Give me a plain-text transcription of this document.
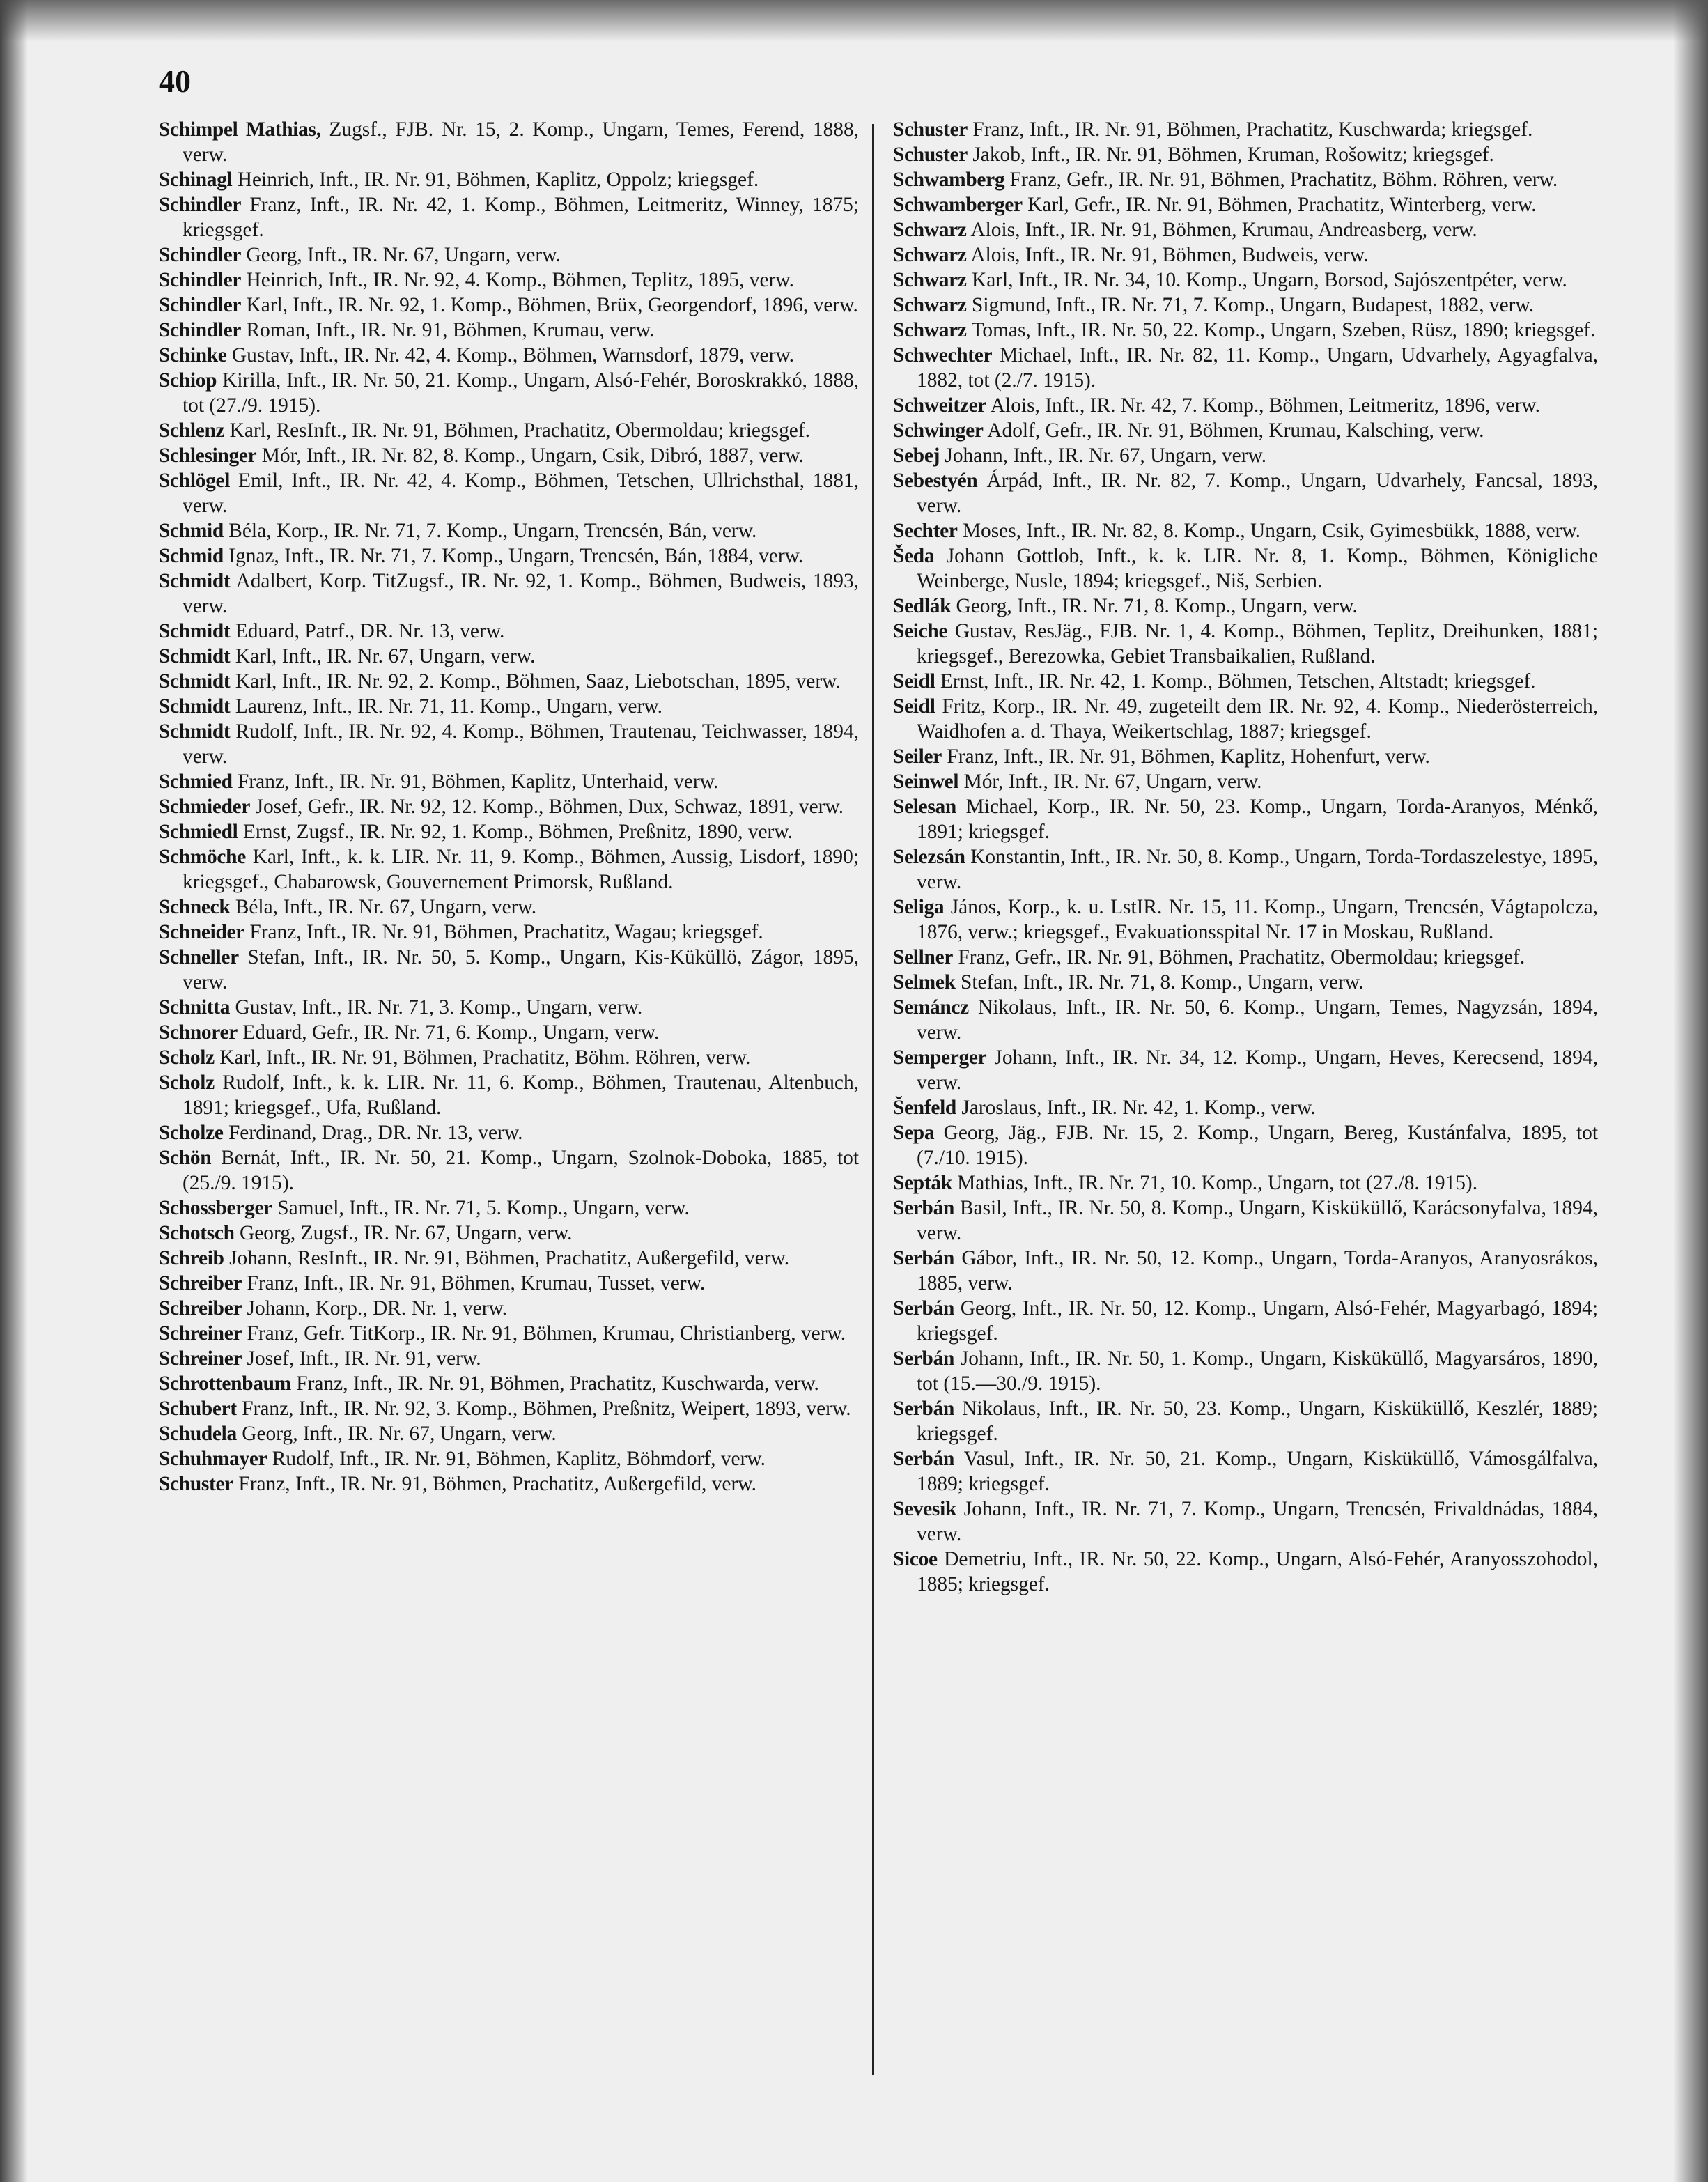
40
Schimpel Mathias, Zugsf., FJB. Nr. 15, 2. Komp., Ungarn, Temes, Ferend, 1888, verw.
Schinagl Heinrich, Inft., IR. Nr. 91, Böhmen, Kaplitz, Oppolz; kriegsgef.
Schindler Franz, Inft., IR. Nr. 42, 1. Komp., Böhmen, Leitmeritz, Winney, 1875; kriegsgef.
Schindler Georg, Inft., IR. Nr. 67, Ungarn, verw.
Schindler Heinrich, Inft., IR. Nr. 92, 4. Komp., Böhmen, Teplitz, 1895, verw.
Schindler Karl, Inft., IR. Nr. 92, 1. Komp., Böhmen, Brüx, Georgendorf, 1896, verw.
Schindler Roman, Inft., IR. Nr. 91, Böhmen, Krumau, verw.
Schinke Gustav, Inft., IR. Nr. 42, 4. Komp., Böhmen, Warnsdorf, 1879, verw.
Schiop Kirilla, Inft., IR. Nr. 50, 21. Komp., Ungarn, Alsó-Fehér, Boroskrakkó, 1888, tot (27./9. 1915).
Schlenz Karl, ResInft., IR. Nr. 91, Böhmen, Prachatitz, Obermoldau; kriegsgef.
Schlesinger Mór, Inft., IR. Nr. 82, 8. Komp., Ungarn, Csik, Dibró, 1887, verw.
Schlögel Emil, Inft., IR. Nr. 42, 4. Komp., Böhmen, Tetschen, Ullrichsthal, 1881, verw.
Schmid Béla, Korp., IR. Nr. 71, 7. Komp., Ungarn, Trencsén, Bán, verw.
Schmid Ignaz, Inft., IR. Nr. 71, 7. Komp., Ungarn, Trencsén, Bán, 1884, verw.
Schmidt Adalbert, Korp. TitZugsf., IR. Nr. 92, 1. Komp., Böhmen, Budweis, 1893, verw.
Schmidt Eduard, Patrf., DR. Nr. 13, verw.
Schmidt Karl, Inft., IR. Nr. 67, Ungarn, verw.
Schmidt Karl, Inft., IR. Nr. 92, 2. Komp., Böhmen, Saaz, Liebotschan, 1895, verw.
Schmidt Laurenz, Inft., IR. Nr. 71, 11. Komp., Ungarn, verw.
Schmidt Rudolf, Inft., IR. Nr. 92, 4. Komp., Böhmen, Trautenau, Teichwasser, 1894, verw.
Schmied Franz, Inft., IR. Nr. 91, Böhmen, Kaplitz, Unterhaid, verw.
Schmieder Josef, Gefr., IR. Nr. 92, 12. Komp., Böhmen, Dux, Schwaz, 1891, verw.
Schmiedl Ernst, Zugsf., IR. Nr. 92, 1. Komp., Böhmen, Preßnitz, 1890, verw.
Schmöche Karl, Inft., k. k. LIR. Nr. 11, 9. Komp., Böhmen, Aussig, Lisdorf, 1890; kriegsgef., Chabarowsk, Gouvernement Primorsk, Rußland.
Schneck Béla, Inft., IR. Nr. 67, Ungarn, verw.
Schneider Franz, Inft., IR. Nr. 91, Böhmen, Prachatitz, Wagau; kriegsgef.
Schneller Stefan, Inft., IR. Nr. 50, 5. Komp., Ungarn, Kis-Küküllö, Zágor, 1895, verw.
Schnitta Gustav, Inft., IR. Nr. 71, 3. Komp., Ungarn, verw.
Schnorer Eduard, Gefr., IR. Nr. 71, 6. Komp., Ungarn, verw.
Scholz Karl, Inft., IR. Nr. 91, Böhmen, Prachatitz, Böhm. Röhren, verw.
Scholz Rudolf, Inft., k. k. LIR. Nr. 11, 6. Komp., Böhmen, Trautenau, Altenbuch, 1891; kriegsgef., Ufa, Rußland.
Scholze Ferdinand, Drag., DR. Nr. 13, verw.
Schön Bernát, Inft., IR. Nr. 50, 21. Komp., Ungarn, Szolnok-Doboka, 1885, tot (25./9. 1915).
Schossberger Samuel, Inft., IR. Nr. 71, 5. Komp., Ungarn, verw.
Schotsch Georg, Zugsf., IR. Nr. 67, Ungarn, verw.
Schreib Johann, ResInft., IR. Nr. 91, Böhmen, Prachatitz, Außergefild, verw.
Schreiber Franz, Inft., IR. Nr. 91, Böhmen, Krumau, Tusset, verw.
Schreiber Johann, Korp., DR. Nr. 1, verw.
Schreiner Franz, Gefr. TitKorp., IR. Nr. 91, Böhmen, Krumau, Christianberg, verw.
Schreiner Josef, Inft., IR. Nr. 91, verw.
Schrottenbaum Franz, Inft., IR. Nr. 91, Böhmen, Prachatitz, Kuschwarda, verw.
Schubert Franz, Inft., IR. Nr. 92, 3. Komp., Böhmen, Preßnitz, Weipert, 1893, verw.
Schudela Georg, Inft., IR. Nr. 67, Ungarn, verw.
Schuhmayer Rudolf, Inft., IR. Nr. 91, Böhmen, Kaplitz, Böhmdorf, verw.
Schuster Franz, Inft., IR. Nr. 91, Böhmen, Prachatitz, Außergefild, verw.
Schuster Franz, Inft., IR. Nr. 91, Böhmen, Prachatitz, Kuschwarda; kriegsgef.
Schuster Jakob, Inft., IR. Nr. 91, Böhmen, Kruman, Rošowitz; kriegsgef.
Schwamberg Franz, Gefr., IR. Nr. 91, Böhmen, Prachatitz, Böhm. Röhren, verw.
Schwamberger Karl, Gefr., IR. Nr. 91, Böhmen, Prachatitz, Winterberg, verw.
Schwarz Alois, Inft., IR. Nr. 91, Böhmen, Krumau, Andreasberg, verw.
Schwarz Alois, Inft., IR. Nr. 91, Böhmen, Budweis, verw.
Schwarz Karl, Inft., IR. Nr. 34, 10. Komp., Ungarn, Borsod, Sajószentpéter, verw.
Schwarz Sigmund, Inft., IR. Nr. 71, 7. Komp., Ungarn, Budapest, 1882, verw.
Schwarz Tomas, Inft., IR. Nr. 50, 22. Komp., Ungarn, Szeben, Rüsz, 1890; kriegsgef.
Schwechter Michael, Inft., IR. Nr. 82, 11. Komp., Ungarn, Udvarhely, Agyagfalva, 1882, tot (2./7. 1915).
Schweitzer Alois, Inft., IR. Nr. 42, 7. Komp., Böhmen, Leitmeritz, 1896, verw.
Schwinger Adolf, Gefr., IR. Nr. 91, Böhmen, Krumau, Kalsching, verw.
Sebej Johann, Inft., IR. Nr. 67, Ungarn, verw.
Sebestyén Árpád, Inft., IR. Nr. 82, 7. Komp., Ungarn, Udvarhely, Fancsal, 1893, verw.
Sechter Moses, Inft., IR. Nr. 82, 8. Komp., Ungarn, Csik, Gyimesbükk, 1888, verw.
Šeda Johann Gottlob, Inft., k. k. LIR. Nr. 8, 1. Komp., Böhmen, Königliche Weinberge, Nusle, 1894; kriegsgef., Niš, Serbien.
Sedlák Georg, Inft., IR. Nr. 71, 8. Komp., Ungarn, verw.
Seiche Gustav, ResJäg., FJB. Nr. 1, 4. Komp., Böhmen, Teplitz, Dreihunken, 1881; kriegsgef., Berezowka, Gebiet Transbaikalien, Rußland.
Seidl Ernst, Inft., IR. Nr. 42, 1. Komp., Böhmen, Tetschen, Altstadt; kriegsgef.
Seidl Fritz, Korp., IR. Nr. 49, zugeteilt dem IR. Nr. 92, 4. Komp., Niederösterreich, Waidhofen a. d. Thaya, Weikertschlag, 1887; kriegsgef.
Seiler Franz, Inft., IR. Nr. 91, Böhmen, Kaplitz, Hohenfurt, verw.
Seinwel Mór, Inft., IR. Nr. 67, Ungarn, verw.
Selesan Michael, Korp., IR. Nr. 50, 23. Komp., Ungarn, Torda-Aranyos, Ménkő, 1891; kriegsgef.
Selezsán Konstantin, Inft., IR. Nr. 50, 8. Komp., Ungarn, Torda-Tordaszelestye, 1895, verw.
Seliga János, Korp., k. u. LstIR. Nr. 15, 11. Komp., Ungarn, Trencsén, Vágtapolcza, 1876, verw.; kriegsgef., Evakuationsspital Nr. 17 in Moskau, Rußland.
Sellner Franz, Gefr., IR. Nr. 91, Böhmen, Prachatitz, Obermoldau; kriegsgef.
Selmek Stefan, Inft., IR. Nr. 71, 8. Komp., Ungarn, verw.
Semáncz Nikolaus, Inft., IR. Nr. 50, 6. Komp., Ungarn, Temes, Nagyzsán, 1894, verw.
Semperger Johann, Inft., IR. Nr. 34, 12. Komp., Ungarn, Heves, Kerecsend, 1894, verw.
Šenfeld Jaroslaus, Inft., IR. Nr. 42, 1. Komp., verw.
Sepa Georg, Jäg., FJB. Nr. 15, 2. Komp., Ungarn, Bereg, Kustánfalva, 1895, tot (7./10. 1915).
Septák Mathias, Inft., IR. Nr. 71, 10. Komp., Ungarn, tot (27./8. 1915).
Serbán Basil, Inft., IR. Nr. 50, 8. Komp., Ungarn, Kisküküllő, Karácsonyfalva, 1894, verw.
Serbán Gábor, Inft., IR. Nr. 50, 12. Komp., Ungarn, Torda-Aranyos, Aranyosrákos, 1885, verw.
Serbán Georg, Inft., IR. Nr. 50, 12. Komp., Ungarn, Alsó-Fehér, Magyarbagó, 1894; kriegsgef.
Serbán Johann, Inft., IR. Nr. 50, 1. Komp., Ungarn, Kisküküllő, Magyarsáros, 1890, tot (15.—30./9. 1915).
Serbán Nikolaus, Inft., IR. Nr. 50, 23. Komp., Ungarn, Kisküküllő, Keszlér, 1889; kriegsgef.
Serbán Vasul, Inft., IR. Nr. 50, 21. Komp., Ungarn, Kisküküllő, Vámosgálfalva, 1889; kriegsgef.
Sevesik Johann, Inft., IR. Nr. 71, 7. Komp., Ungarn, Trencsén, Frivaldnádas, 1884, verw.
Sicoe Demetriu, Inft., IR. Nr. 50, 22. Komp., Ungarn, Alsó-Fehér, Aranyosszohodol, 1885; kriegsgef.
